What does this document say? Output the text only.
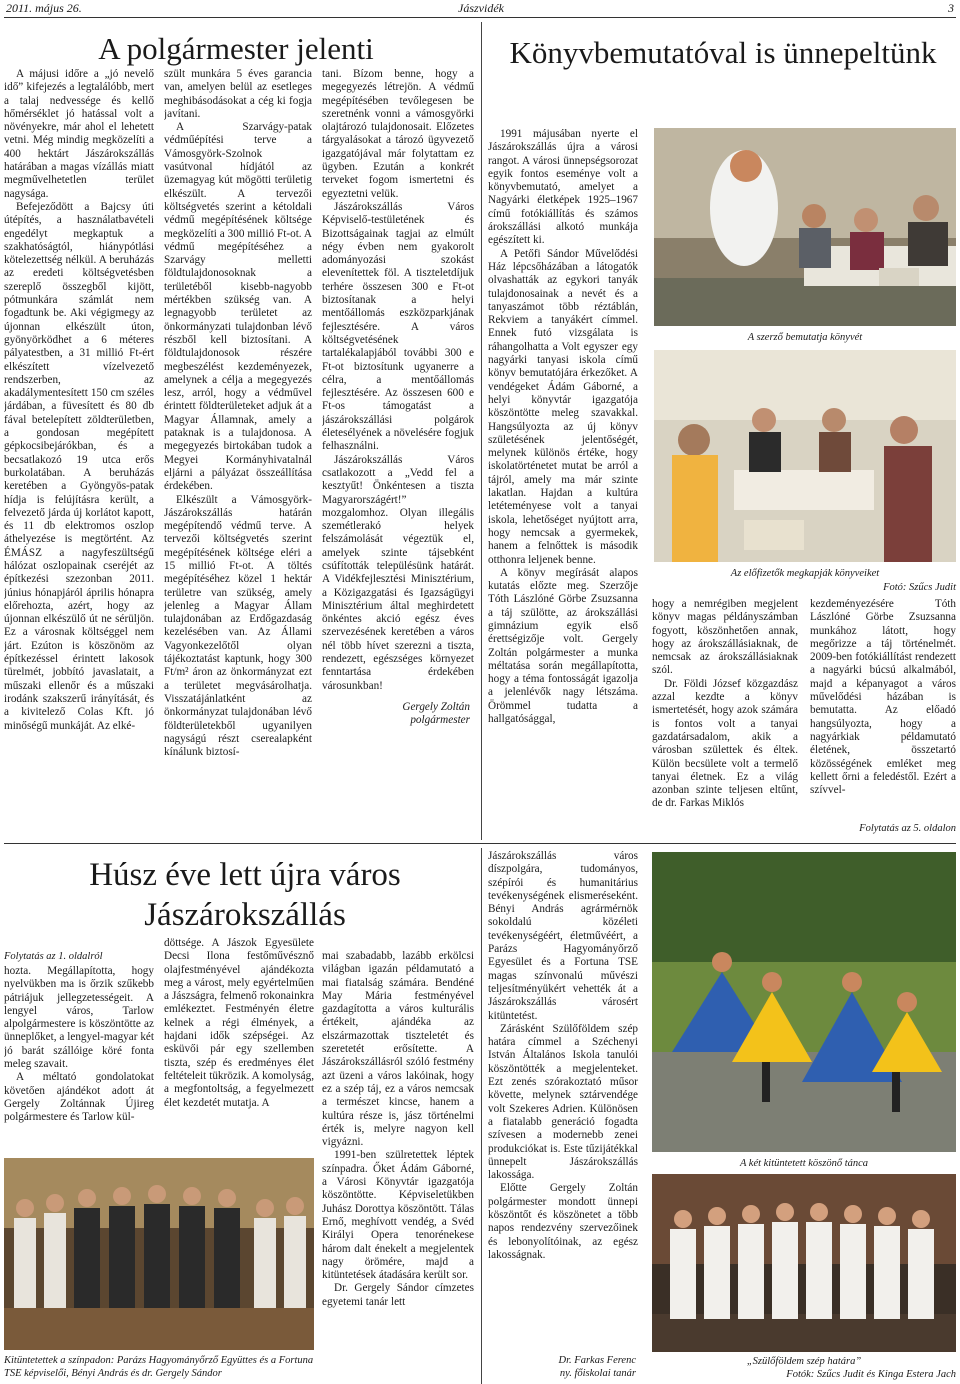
2011. május 26.	Jászvidék	3
A polgármester jelenti

A májusi időre a „jó nevelő idő” kifejezés a legtalálóbb, mert a talaj nedvessége és kellő hőmérséklet jó hatással volt a növényekre, már ahol el lehetett vetni. Még mindig megközelíti a 400 hektárt Jászárokszállás határában a magas vízállás miatt megművelhetetlen terület nagysága.

Befejeződött a Bajcsy úti útépítés, a használatbavételi engedélyt megkaptuk a szakhatóságtól, hiánypótlási kötelezettség nélkül. A beruházás az eredeti költségvetésben szereplő összegből kijött, pótmunkára számlát nem fogadtunk be. Aki végigmegy az újonnan elkészült úton, gyönyörködhet a 6 méteres pályatestben, a 31 millió Ft-ért elkészített vízelvezető rendszerben, az akadálymentesített 150 cm széles járdában, a füvesített és 80 db fával betelepített zöldterületben, a gondosan megépített gépkocsibejárókban, és a becsatlakozó 19 utca erős burkolatában. A beruházás keretében a Gyöngyös-patak hídja is felújításra került, a felvezető járda új korlátot kapott, és 11 db elektromos oszlop áthelyezése is megtörtént. Az ÉMÁSZ a nagyfeszültségű hálózat oszlopainak cseréjét az építkezési szezonban 2011. június hónapjáról április hónapra előrehozta, azért, hogy az újonnan elkészülő út ne sérüljön. Ez a városnak költséggel nem járt. Ezúton is köszönöm az építkezéssel érintett lakosok türelmét, jobbító javaslatait, a műszaki ellenőr és a műszaki irodánk szakszerű irányítását, és a kivitelező Colas Kft. jó minőségű munkáját. Az elké-

szült munkára 5 éves garancia van, amelyen belül az esetleges meghibásodásokat a cég ki fogja javítani.

A Szarvágy-patak védműépítési terve a Vámosgyörk-Szolnok vasútvonal hídjától az üzemagyag kút mögötti területig elkészült. A tervezői költségvetés szerint a kétoldali védmű megépítésének költsége megközelíti a 300 millió Ft-ot. A védmű megépítéséhez a Szarvágy melletti földtulajdonosoknak a területéből kisebb-nagyobb mértékben szükség van. A legnagyobb területet az önkormányzati tulajdonban lévő részből kell biztosítani. A földtulajdonosok részére megbeszélést kezdeményezek, amelynek a célja a megegyezés lesz, arról, hogy a védművel érintett földterületeket adjuk át a Magyar Államnak, amely a pataknak is a tulajdonosa. A megegyezés birtokában tudok a Megyei Kormányhivatalnál eljárni a pályázat összeállítása érdekében.

Elkészült a Vámosgyörk-Jászárokszállás határán megépítendő védmű terve. A tervezői költségvetés szerint megépítésének költsége eléri a 15 millió Ft-ot. A töltés megépítéséhez közel 1 hektár területre van szükség, amely jelenleg a Magyar Állam tulajdonában az Erdőgazdaság kezelésében van. Az Állami Vagyonkezelőtől olyan tájékoztatást kaptunk, hogy 300 Ft/m² áron az önkormányzat ezt a területet megvásárolhatja. Visszatájánlatként az önkormányzat tulajdonában lévő földterületekből ugyanilyen nagyságú részt cserealapként kínálunk biztosí-

tani. Bízom benne, hogy a megegyezés létrejön. A védmű megépítésében tevőlegesen be szeretnénk vonni a vámosgyörki olajtározó tulajdonosait. Előzetes tárgyalásokat a tározó ügyvezető igazgatójával már folytattam ez ügyben. Ezután a konkrét terveket fogom ismertetni és egyeztetni velük.

Jászárokszállás Város Képviselő-testületének és Bizottságainak tagjai az elmúlt négy évben nem gyakorolt adományozási szokást elevenítettek föl. A tiszteletdíjuk terhére összesen 300 e Ft-ot biztosítanak a helyi mentőállomás eszközparkjának fejlesztésére. A város költségvetésének tartalékalapjából további 300 e Ft-ot biztosítunk ugyanerre a célra, a mentőállomás fejlesztésére. Az összesen 600 e Ft-os támogatást a jászárokszállási polgárok életesélyének a növelésére fogjuk felhasználni.

Jászárokszállás Város csatlakozott a „Vedd fel a kesztyűt! Önkéntesen a tiszta Magyarországért!” mozgalomhoz. Olyan illegális szemétlerakó helyek felszámolását végeztük el, amelyek szinte tájsebként csúfították településünk határát. A Vidékfejlesztési Minisztérium, a Közigazgatási és Igazságügyi Minisztérium által meghirdetett önkéntes akció egész éves szervezésének keretében a város nél több hívet szerezni a tiszta, rendezett, egészséges környezet fenntartása érdekében városunkban!

Gergely Zoltán
polgármester
Könyvbemutatóval is ünnepeltünk
A szerző bemutatja könyvét

1991 májusában nyerte el Jászárokszállás újra a városi rangot. A városi ünnepségsorozat egyik fontos eseménye volt a könyvbemutató, amelyet a Nagyárki életképek 1925–1967 című fotókiállítás és számos árokszállási alkotó munkája egészített ki.

A Petőfi Sándor Művelődési Ház lépcsőházában a látogatók olvashatták az egykori tanyák tulajdonosainak a nevét és a tanyaszámot több réztáblán, Rekviem a tanyákért címmel. Ennek futó vizsgálata is ráhangolhatta a Volt egyszer egy nagyárki tanyasi iskola című könyv bemutatójára érkezőket. A vendégeket Ádám Gáborné, a helyi könyvtár igazgatója köszöntötte meleg szavakkal. Hangsúlyozta az új könyv születésének jelentőségét, melynek különös értéke, hogy iskolatörténetet mutat be arról a tájról, amely ma már szinte lakatlan. Hajdan a kultúra letéteményese volt a tanyai iskola, lehetőséget nyújtott arra, hogy nemcsak a gyermekek, hanem a felnőttek is második otthonra leljenek benne.

A könyv megírását alapos kutatás előzte meg. Szerzője Tóth Lászlóné Görbe Zsuzsanna a táj szülötte, az árokszállási gimnázium egyik első érettségizője volt. Gergely Zoltán polgármester a munka méltatása során megállapította, hogy a téma fontosságát igazolja a jelenlévők nagy létszáma. Örömmel tudatta a hallgatósággal,

Az előfizetők megkapják könyveiket
Fotó: Szűcs Judit

hogy a nemrégiben megjelent könyv magas példányszámban fogyott, köszönhetően annak, hogy az árokszállásiaknak, de nemcsak az árokszállásiaknak szól.

Dr. Földi József közgazdász azzal kezdte a könyv ismertetését, hogy azok számára is fontos volt a tanyai gazdatársadalom, akik a városban születtek és éltek. Külön becsülete volt a termelő tanyai életnek. Ez a világ azonban szinte teljesen eltűnt, de dr. Farkas Miklós

kezdeményezésére Tóth Lászlóné Görbe Zsuzsanna munkához látott, hogy megőrizze a táj történelmét. 2009-ben fotókiállítást rendezett a nagyárki búcsú alkalmából, majd a képanyagot a város művelődési házában is bemutatta. Az előadó hangsúlyozta, hogy a nagyárkiak példamutató életének, összetartó közösségének emléket meg kellett őrni a feledéstől. Ezért a szívvel-

Folytatás az 5. oldalon
Húsz éve lett újra város Jászárokszállás
Folytatás az 1. oldalról

hozta. Megállapította, hogy nyelvükben ma is őrzik szűkebb pátriájuk jellegzetességeit. A lengyel város, Tarlow alpolgármestere is köszöntötte az ünneplőket, a lengyel-magyar két jó barát szállóige köré fonta meleg szavait.

A méltató gondolatokat követően ajándékot adott át Gergely Zoltánnak Újireg polgármestere és Tarlow kül-

döttsége. A Jászok Egyesülete Decsi Ilona festőművésznő olajfestményével ajándékozta meg a várost, mely egyértelműen a Jászságra, felmenő rokonainkra emlékeztet. Festményén életre kelnek a régi élmények, a hajdani idők szépségei. Az esküvői pár egy szellemben tiszta, szép és eredményes élet feltételeit tükrözik. A komolyság, a megfontoltság, a fegyelmezett élet kezdetét mutatja. A

mai szabadabb, lazább erkölcsi világban igazán példamutató a mai fiatalság számára. Bendéné May Mária festményével gazdagította a város kulturális értékeit, ajándéka az elszármazottak tiszteletét és szeretetét erősítette. A Jászárokszállásról szóló festmény azt üzeni a város lakóinak, hogy ez a szép táj, ez a város nemcsak a természet kincse, hanem a kultúra része is, jász történelmi érték is, melyre nagyon kell vigyázni.

1991-ben szülretettek léptek színpadra. Őket Ádám Gáborné, a Városi Könyvtár igazgatója köszöntötte. Képviseletükben Juhász Dorottya köszöntött. Tálas Ernő, meghívott vendég, a Svéd Királyi Opera tenorénekese három dalt énekelt a megjelentek nagy örömére, majd a kitüntetések átadására került sor.

Dr. Gergely Sándor címzetes egyetemi tanár lett

Kitüntetettek a színpadon: Parázs Hagyományőrző Együttes és a Fortuna TSE képviselői, Bényi András és dr. Gergely Sándor

Jászárokszállás város díszpolgára, tudományos, szépírói és humanitárius tevékenységének elismeréseként. Bényi András agrármérnök sokoldalú közéleti tevékenységéért, életművéért, a Parázs Hagyományőrző Egyesület és a Fortuna TSE magas színvonalú művészi teljesítményükért vehették át a Jászárokszállás városért kitüntetést.

Zárásként Szülőföldem szép határa címmel a Széchenyi István Általános Iskola tanulói köszöntötték a megjelenteket. Ezt zenés szórakoztató műsor követte, melynek sztárvendége volt Szekeres Adrien. Különösen a fiatalabb generáció fogadta szívesen a modernebb zenei produkciókat is. Este tűzijátékkal ünnepelt Jászárokszállás lakossága.

Előtte Gergely Zoltán polgármester mondott ünnepi köszöntőt és köszönetet a több napos rendezvény szervezőinek és lebonyolítóinak, az egész lakosságnak.

Dr. Farkas Ferenc
ny. főiskolai tanár
A két kitüntetett köszönő tánca
„Szülőföldem szép határa”
Fotók: Szűcs Judit és Kinga Estera Jach
